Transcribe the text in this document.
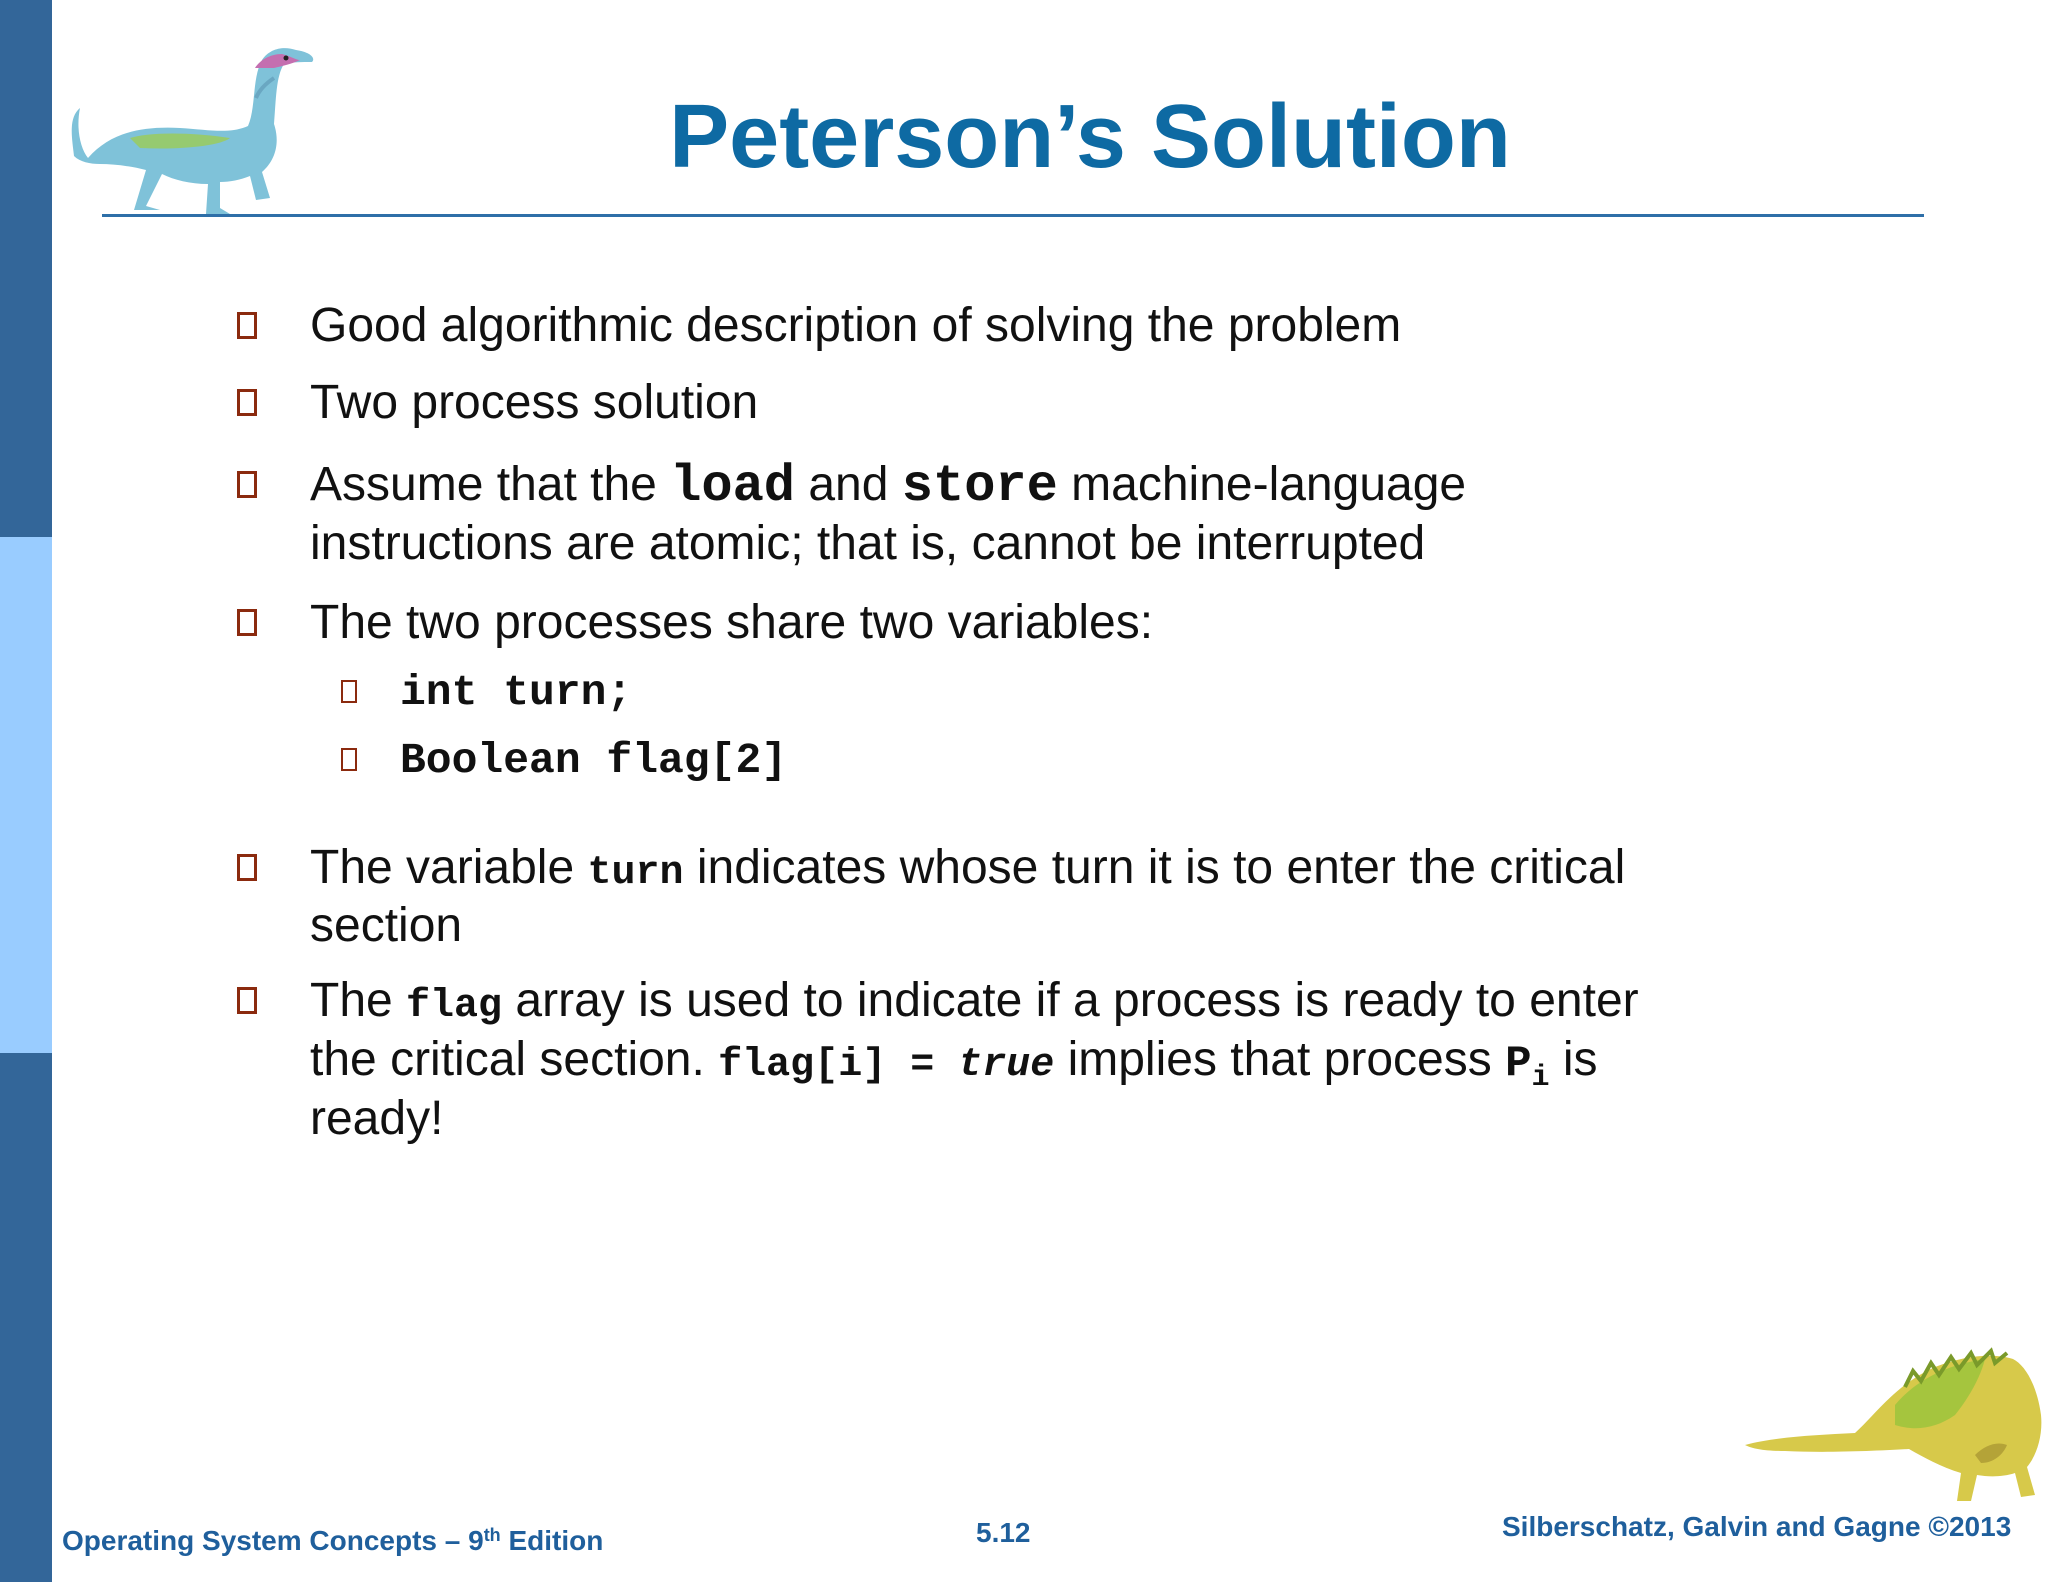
Peterson’s Solution
Good algorithmic description of solving the problem
Two process solution
Assume that the load and store machine-language
instructions are atomic; that is, cannot be interrupted
The two processes share two variables:
int turn;
Boolean flag[2]
The variable turn indicates whose turn it is to enter the critical
section
The flag array is used to indicate if a process is ready to enter
the critical section. flag[i] = true implies that process $P_i$ is
ready!
Operating System Concepts – 9th Edition	5.12	Silberschatz, Galvin and Gagne ©2013
